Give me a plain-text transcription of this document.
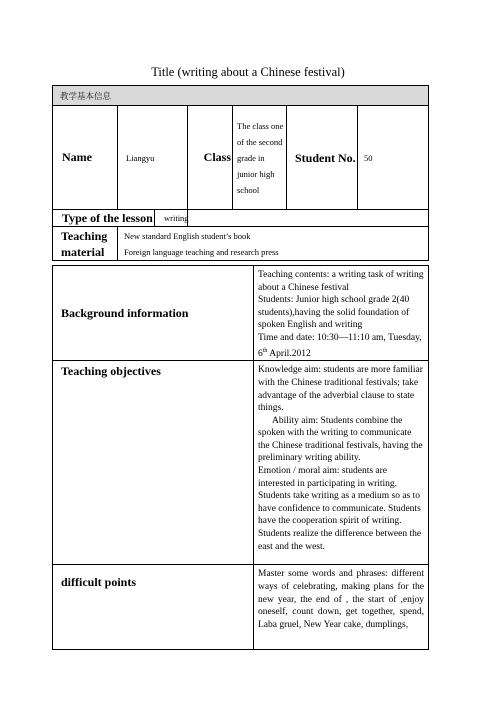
Title (writing about a Chinese festival)
教学基本信息					
Name	Liangyu	Class	The class one of the second grade in junior high school	Student No.	50

Type of the lesson writing					

Teaching material	New standard English student’s book
Foreign language teaching and research press				
Background information	Teaching contents: a writing task of writing about a Chinese festival

Students: Junior high school grade 2(40 students),having the solid foundation of spoken English and writing

Time and date: 10:30—11:10 am, Tuesday, 6th April.2012

Teaching objectives	Knowledge aim: students are more familiar with the Chinese traditional festivals; take advantage of the adverbial clause to state things.

Ability aim: Students combine the spoken with the writing to communicate the Chinese traditional festivals, having the preliminary writing ability.

Emotion / moral aim: students are interested in participating in writing. Students take writing as a medium so as to have confidence to communicate. Students have the cooperation spirit of writing. Students realize the difference between the east and the west.

difficult points	Master some words and phrases: different ways of celebrating, making plans for the new year, the end of , the start of ,enjoy oneself, count down, get together, spend, Laba gruel, New Year cake, dumplings,
